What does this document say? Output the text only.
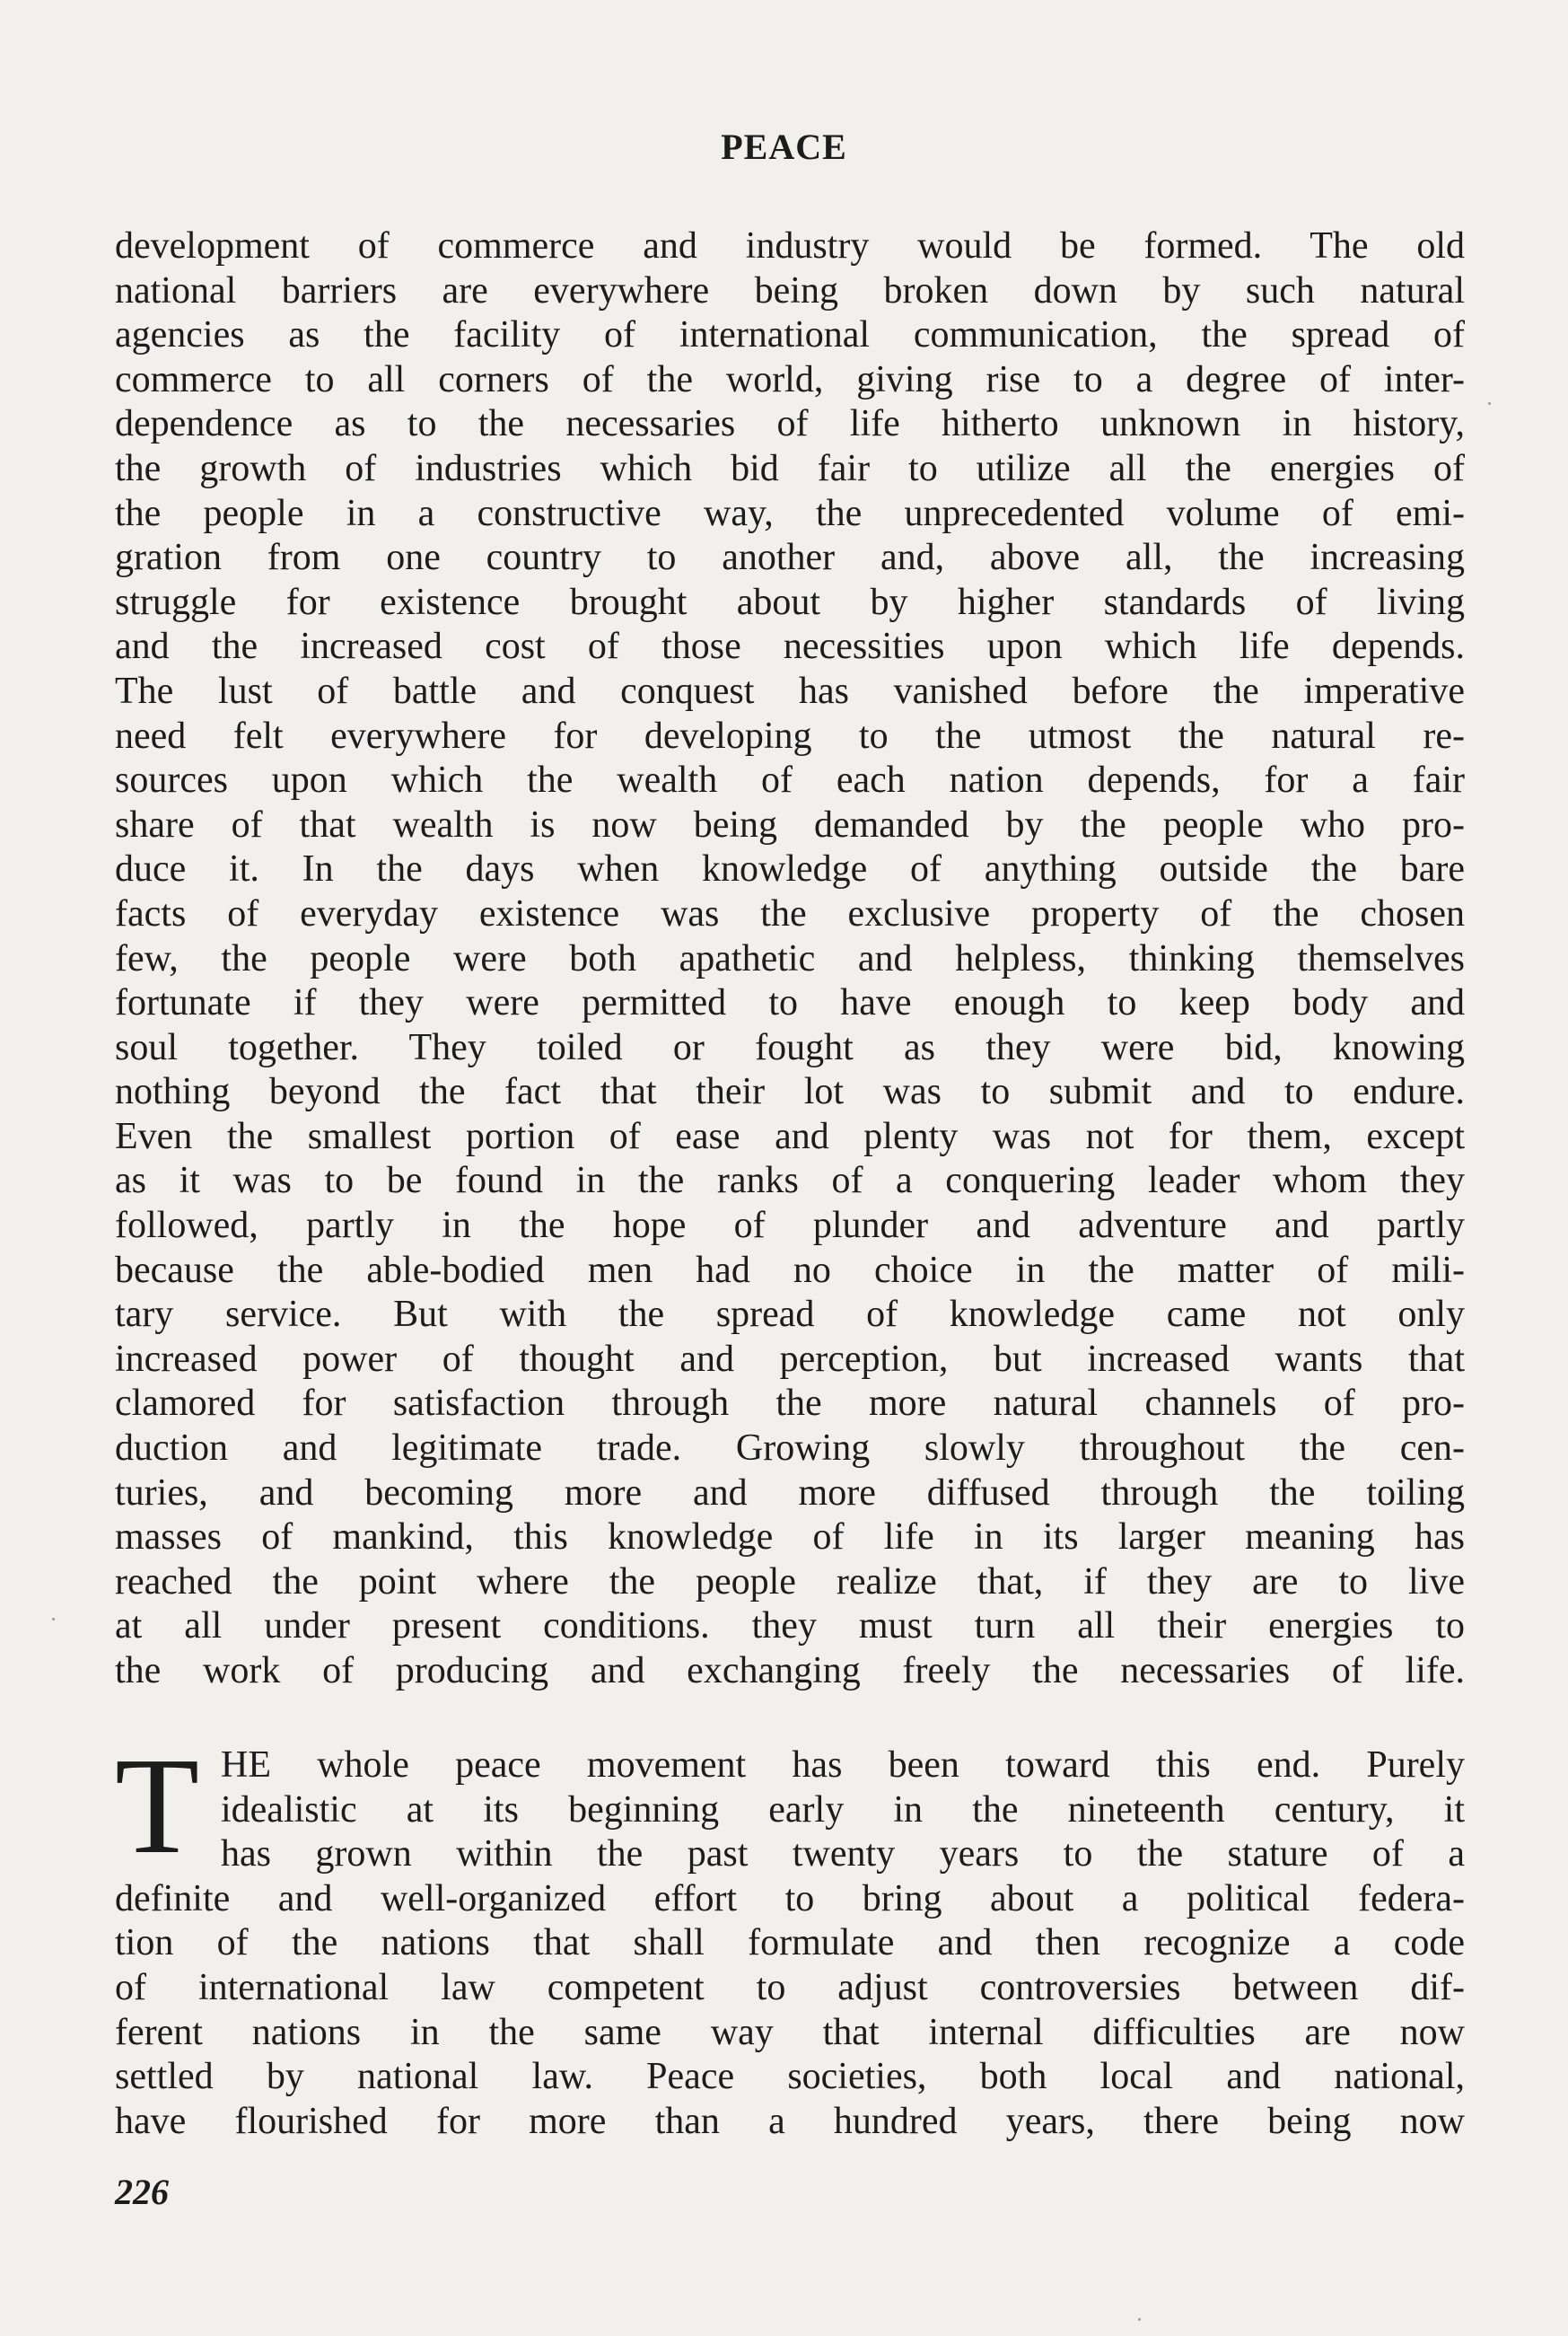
PEACE
development of commerce and industry would be formed. The old
national barriers are everywhere being broken down by such natural
agencies as the facility of international communication, the spread of
commerce to all corners of the world, giving rise to a degree of inter-
dependence as to the necessaries of life hitherto unknown in history,
the growth of industries which bid fair to utilize all the energies of
the people in a constructive way, the unprecedented volume of emi-
gration from one country to another and, above all, the increasing
struggle for existence brought about by higher standards of living
and the increased cost of those necessities upon which life depends.
The lust of battle and conquest has vanished before the imperative
need felt everywhere for developing to the utmost the natural re-
sources upon which the wealth of each nation depends, for a fair
share of that wealth is now being demanded by the people who pro-
duce it. In the days when knowledge of anything outside the bare
facts of everyday existence was the exclusive property of the chosen
few, the people were both apathetic and helpless, thinking themselves
fortunate if they were permitted to have enough to keep body and
soul together. They toiled or fought as they were bid, knowing
nothing beyond the fact that their lot was to submit and to endure.
Even the smallest portion of ease and plenty was not for them, except
as it was to be found in the ranks of a conquering leader whom they
followed, partly in the hope of plunder and adventure and partly
because the able-bodied men had no choice in the matter of mili-
tary service. But with the spread of knowledge came not only
increased power of thought and perception, but increased wants that
clamored for satisfaction through the more natural channels of pro-
duction and legitimate trade. Growing slowly throughout the cen-
turies, and becoming more and more diffused through the toiling
masses of mankind, this knowledge of life in its larger meaning has
reached the point where the people realize that, if they are to live
at all under present conditions. they must turn all their energies to
the work of producing and exchanging freely the necessaries of life.
T HE whole peace movement has been toward this end. Purely
idealistic at its beginning early in the nineteenth century, it
has grown within the past twenty years to the stature of a
definite and well-organized effort to bring about a political federa-
tion of the nations that shall formulate and then recognize a code
of international law competent to adjust controversies between dif-
ferent nations in the same way that internal difficulties are now
settled by national law. Peace societies, both local and national,
have flourished for more than a hundred years, there being now
226
